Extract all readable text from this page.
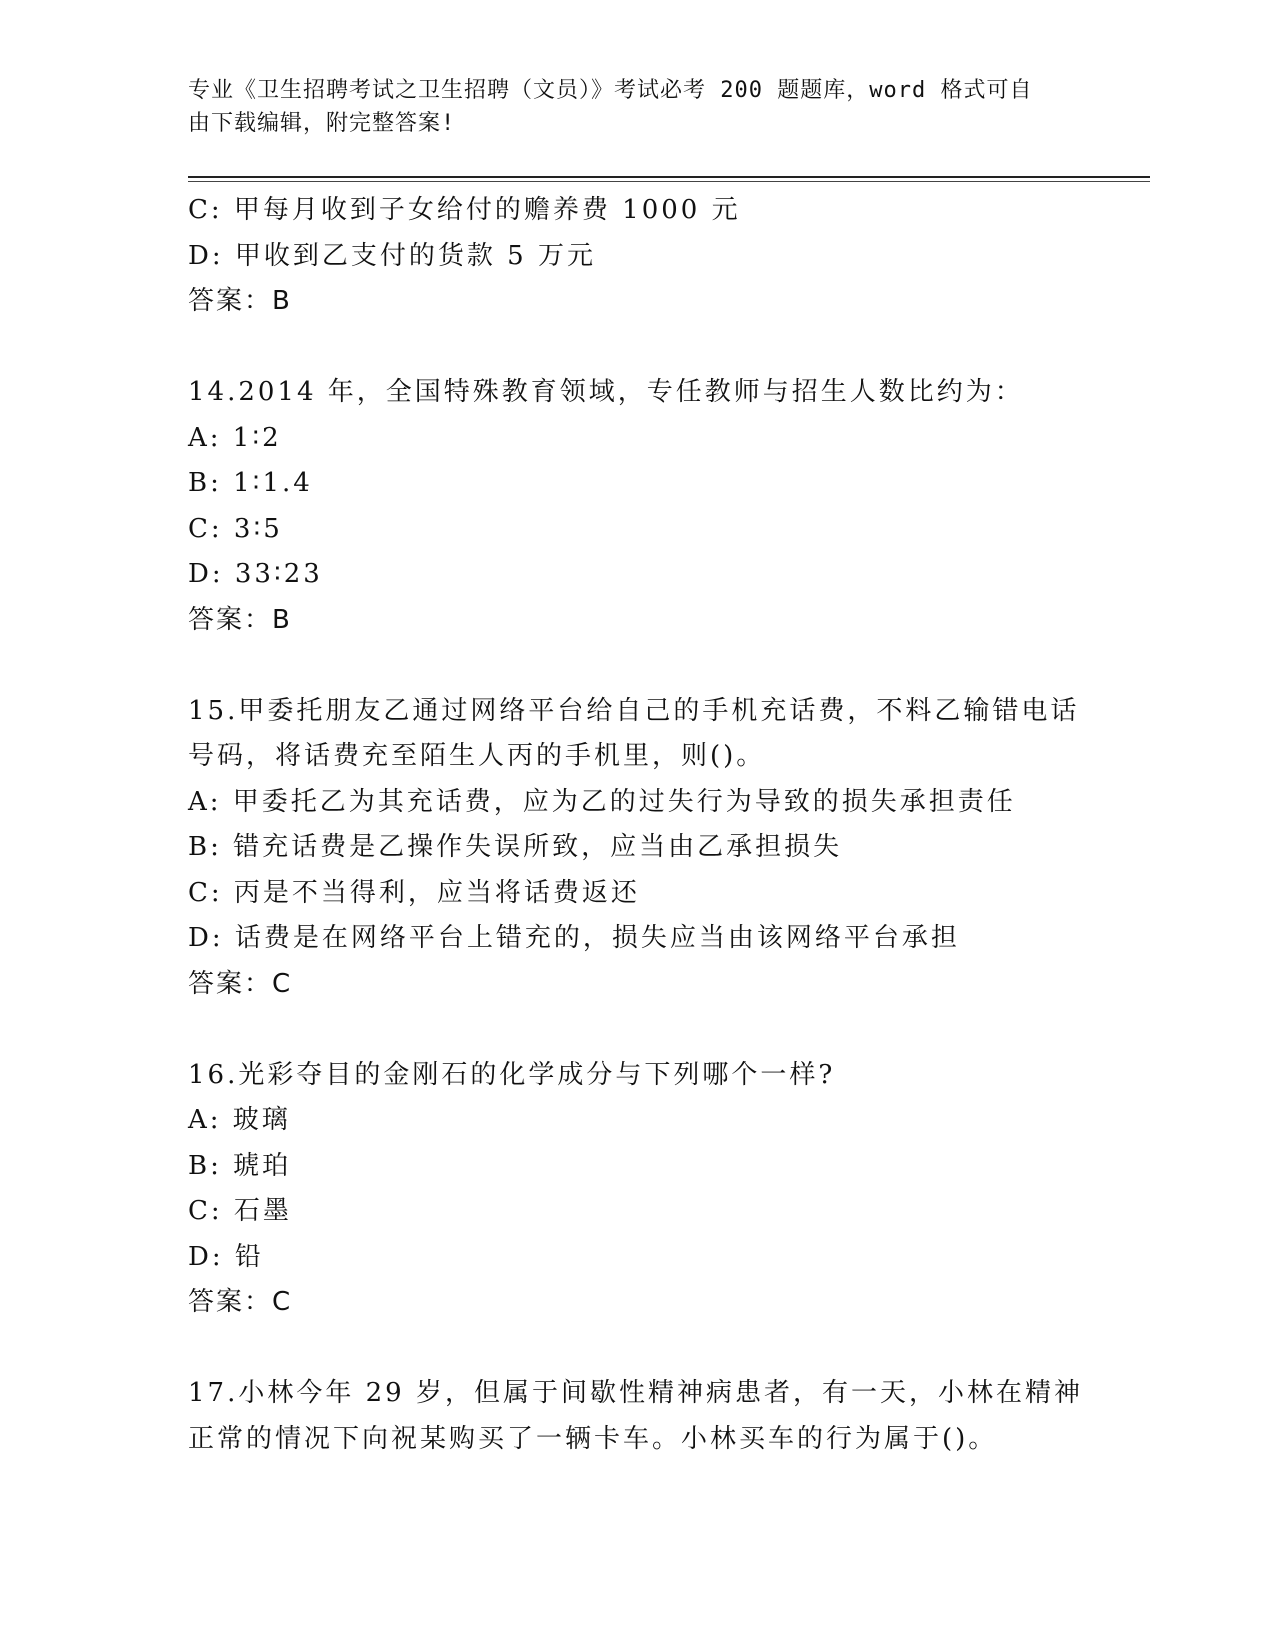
专业《卫生招聘考试之卫生招聘（文员）》考试必考 200 题题库，word 格式可自
由下载编辑，附完整答案!
C: 甲每月收到子女给付的赡养费 1000 元
D: 甲收到乙支付的货款 5 万元
答案：B
14.2014 年，全国特殊教育领域，专任教师与招生人数比约为：
A: 1∶2
B: 1∶1.4
C: 3∶5
D: 33∶23
答案：B
15.甲委托朋友乙通过网络平台给自己的手机充话费，不料乙输错电话
号码，将话费充至陌生人丙的手机里，则()。
A: 甲委托乙为其充话费，应为乙的过失行为导致的损失承担责任
B: 错充话费是乙操作失误所致，应当由乙承担损失
C: 丙是不当得利，应当将话费返还
D: 话费是在网络平台上错充的，损失应当由该网络平台承担
答案：C
16.光彩夺目的金刚石的化学成分与下列哪个一样?
A: 玻璃
B: 琥珀
C: 石墨
D: 铅
答案：C
17.小林今年 29 岁，但属于间歇性精神病患者，有一天，小林在精神
正常的情况下向祝某购买了一辆卡车。小林买车的行为属于()。
